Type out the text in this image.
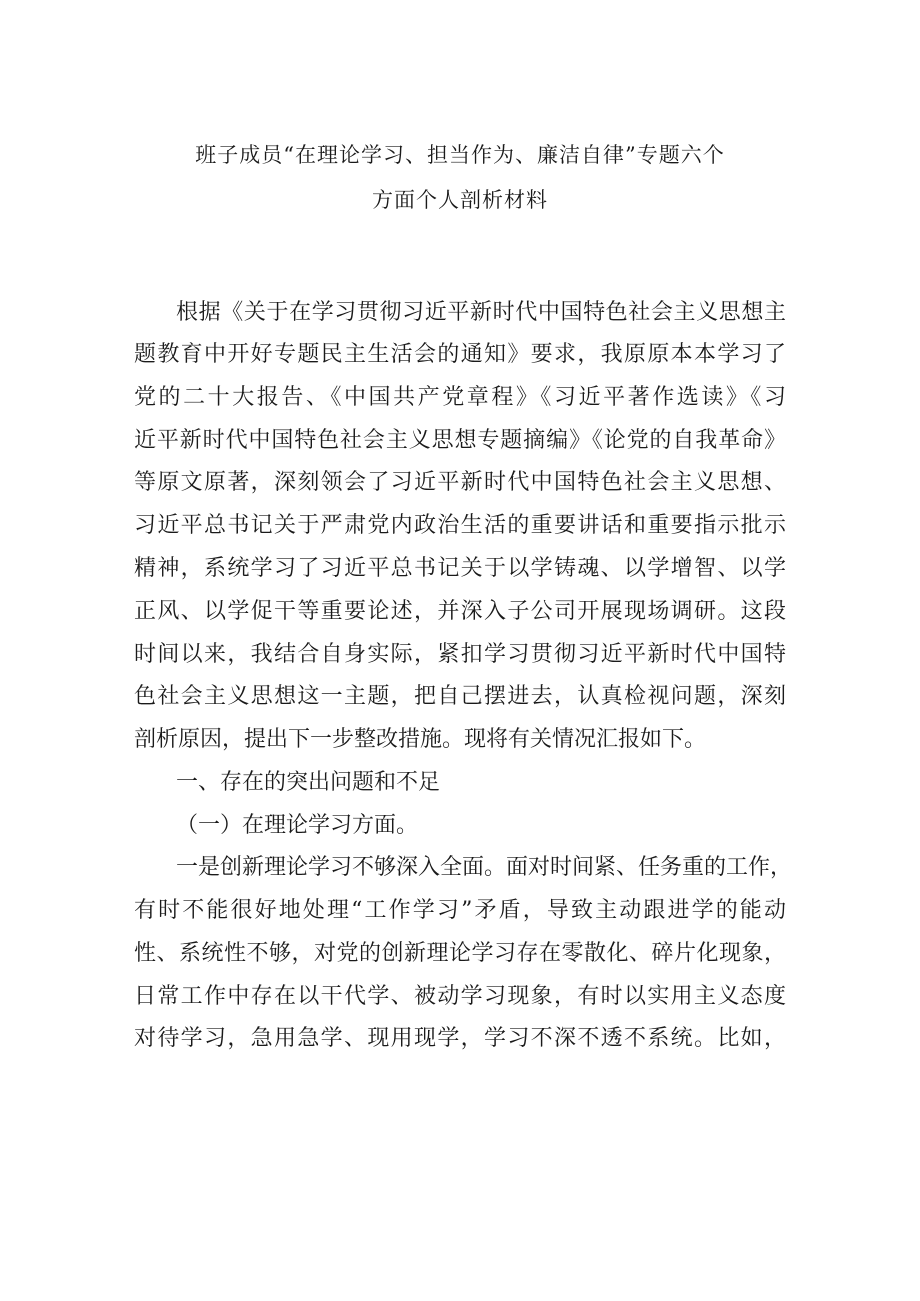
班子成员“在理论学习、担当作为、廉洁自律”专题六个
方面个人剖析材料
根据《关于在学习贯彻习近平新时代中国特色社会主义思想主
题教育中开好专题民主生活会的通知》要求，我原原本本学习了
党的二十大报告、《中国共产党章程》《习近平著作选读》《习
近平新时代中国特色社会主义思想专题摘编》《论党的自我革命》
等原文原著，深刻领会了习近平新时代中国特色社会主义思想、
习近平总书记关于严肃党内政治生活的重要讲话和重要指示批示
精神，系统学习了习近平总书记关于以学铸魂、以学增智、以学
正风、以学促干等重要论述，并深入子公司开展现场调研。这段
时间以来，我结合自身实际，紧扣学习贯彻习近平新时代中国特
色社会主义思想这一主题，把自己摆进去，认真检视问题，深刻
剖析原因，提出下一步整改措施。现将有关情况汇报如下。
一、存在的突出问题和不足
（一）在理论学习方面。
一是创新理论学习不够深入全面。面对时间紧、任务重的工作，
有时不能很好地处理“工作学习”矛盾，导致主动跟进学的能动
性、系统性不够，对党的创新理论学习存在零散化、碎片化现象，
日常工作中存在以干代学、被动学习现象，有时以实用主义态度
对待学习，急用急学、现用现学，学习不深不透不系统。比如，
